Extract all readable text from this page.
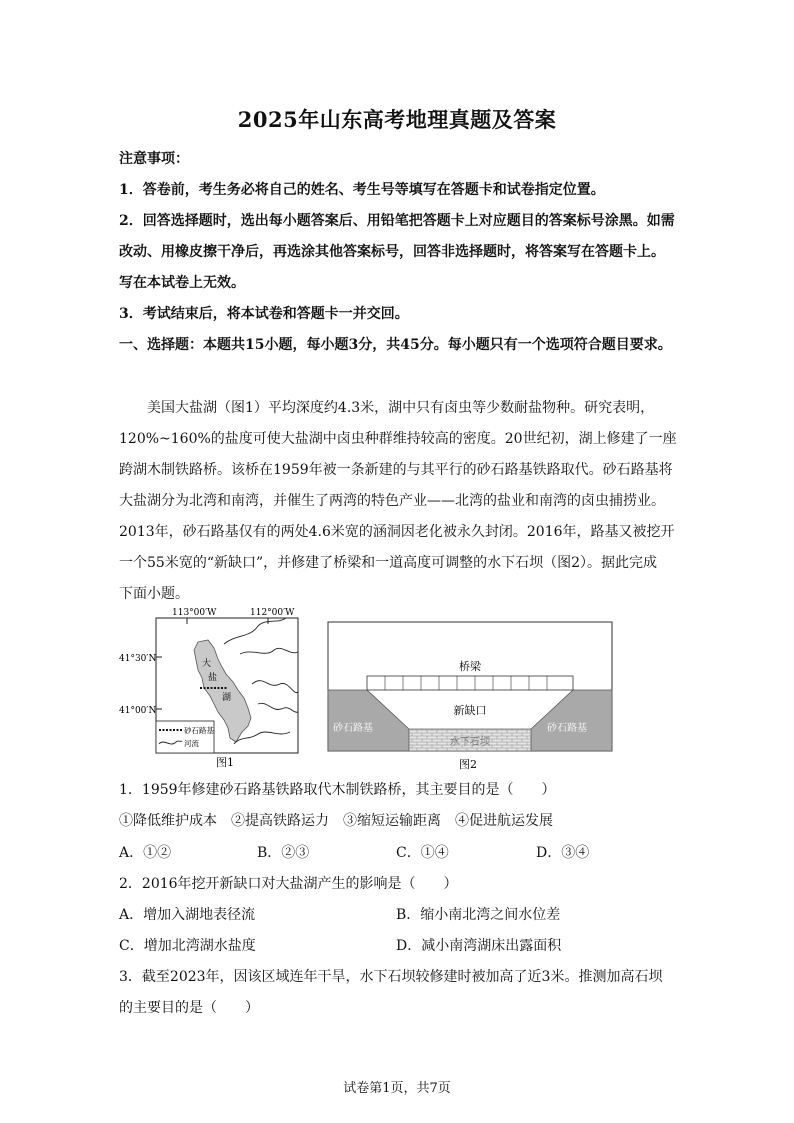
2025年山东高考地理真题及答案
注意事项：
1．答卷前，考生务必将自己的姓名、考生号等填写在答题卡和试卷指定位置。
2．回答选择题时，选出每小题答案后、用铅笔把答题卡上对应题目的答案标号涂黑。如需
改动、用橡皮擦干净后，再选涂其他答案标号，回答非选择题时，将答案写在答题卡上。
写在本试卷上无效。
3．考试结束后，将本试卷和答题卡一并交回。
一、选择题：本题共15小题，每小题3分，共45分。每小题只有一个选项符合题目要求。

美国大盐湖（图1）平均深度约4.3米，湖中只有卤虫等少数耐盐物种。研究表明，

120%~160%的盐度可使大盐湖中卤虫种群维持较高的密度。20世纪初，湖上修建了一座

跨湖木制铁路桥。该桥在1959年被一条新建的与其平行的砂石路基铁路取代。砂石路基将

大盐湖分为北湾和南湾，并催生了两湾的特色产业——北湾的盐业和南湾的卤虫捕捞业。

2013年，砂石路基仅有的两处4.6米宽的涵洞因老化被永久封闭。2016年，路基又被挖开

一个55米宽的“新缺口”，并修建了桥梁和一道高度可调整的水下石坝（图2）。据此完成

下面小题。

113°00′W	112°00′W
41°30′N
41°00′N
大
盐
湖
砂石路基
河流
图1
桥梁
新缺口
砂石路基	砂石路基
水下石坝
图2
1．1959年修建砂石路基铁路取代木制铁路桥，其主要目的是（　　）
①降低维护成本　②提高铁路运力　③缩短运输距离　④促进航运发展
A．①②	B．②③	C．①④	D．③④
2．2016年挖开新缺口对大盐湖产生的影响是（　　）
A．增加入湖地表径流	B．缩小南北湾之间水位差
C．增加北湾湖水盐度	D．减小南湾湖床出露面积
3．截至2023年，因该区域连年干旱，水下石坝较修建时被加高了近3米。推测加高石坝
的主要目的是（　　）
试卷第1页，共7页
